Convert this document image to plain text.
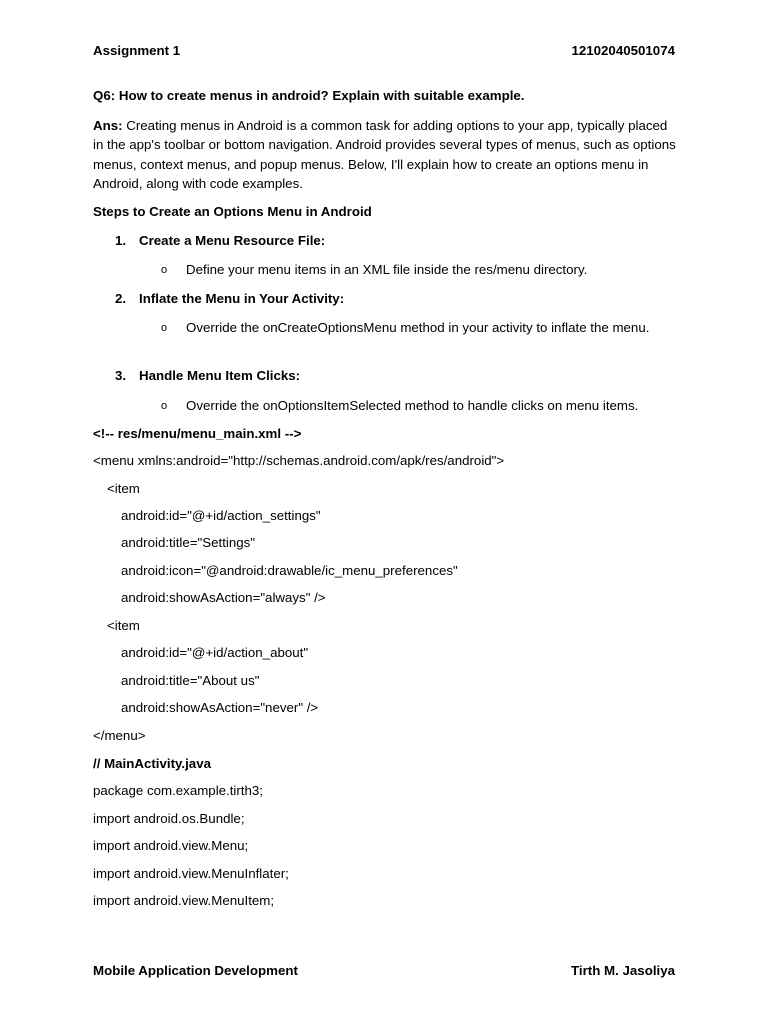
Assignment 1	12102040501074
Q6: How to create menus in android? Explain with suitable example.
Ans: Creating menus in Android is a common task for adding options to your app, typically placed in the app's toolbar or bottom navigation. Android provides several types of menus, such as options menus, context menus, and popup menus. Below, I'll explain how to create an options menu in Android, along with code examples.
Steps to Create an Options Menu in Android
1. Create a Menu Resource File:
o Define your menu items in an XML file inside the res/menu directory.
2. Inflate the Menu in Your Activity:
o Override the onCreateOptionsMenu method in your activity to inflate the menu.
3. Handle Menu Item Clicks:
o Override the onOptionsItemSelected method to handle clicks on menu items.
<!-- res/menu/menu_main.xml -->
<menu xmlns:android="http://schemas.android.com/apk/res/android">
<item
android:id="@+id/action_settings"
android:title="Settings"
android:icon="@android:drawable/ic_menu_preferences"
android:showAsAction="always" />
<item
android:id="@+id/action_about"
android:title="About us"
android:showAsAction="never" />
</menu>
// MainActivity.java
package com.example.tirth3;
import android.os.Bundle;
import android.view.Menu;
import android.view.MenuInflater;
import android.view.MenuItem;
Mobile Application Development	Tirth M. Jasoliya
